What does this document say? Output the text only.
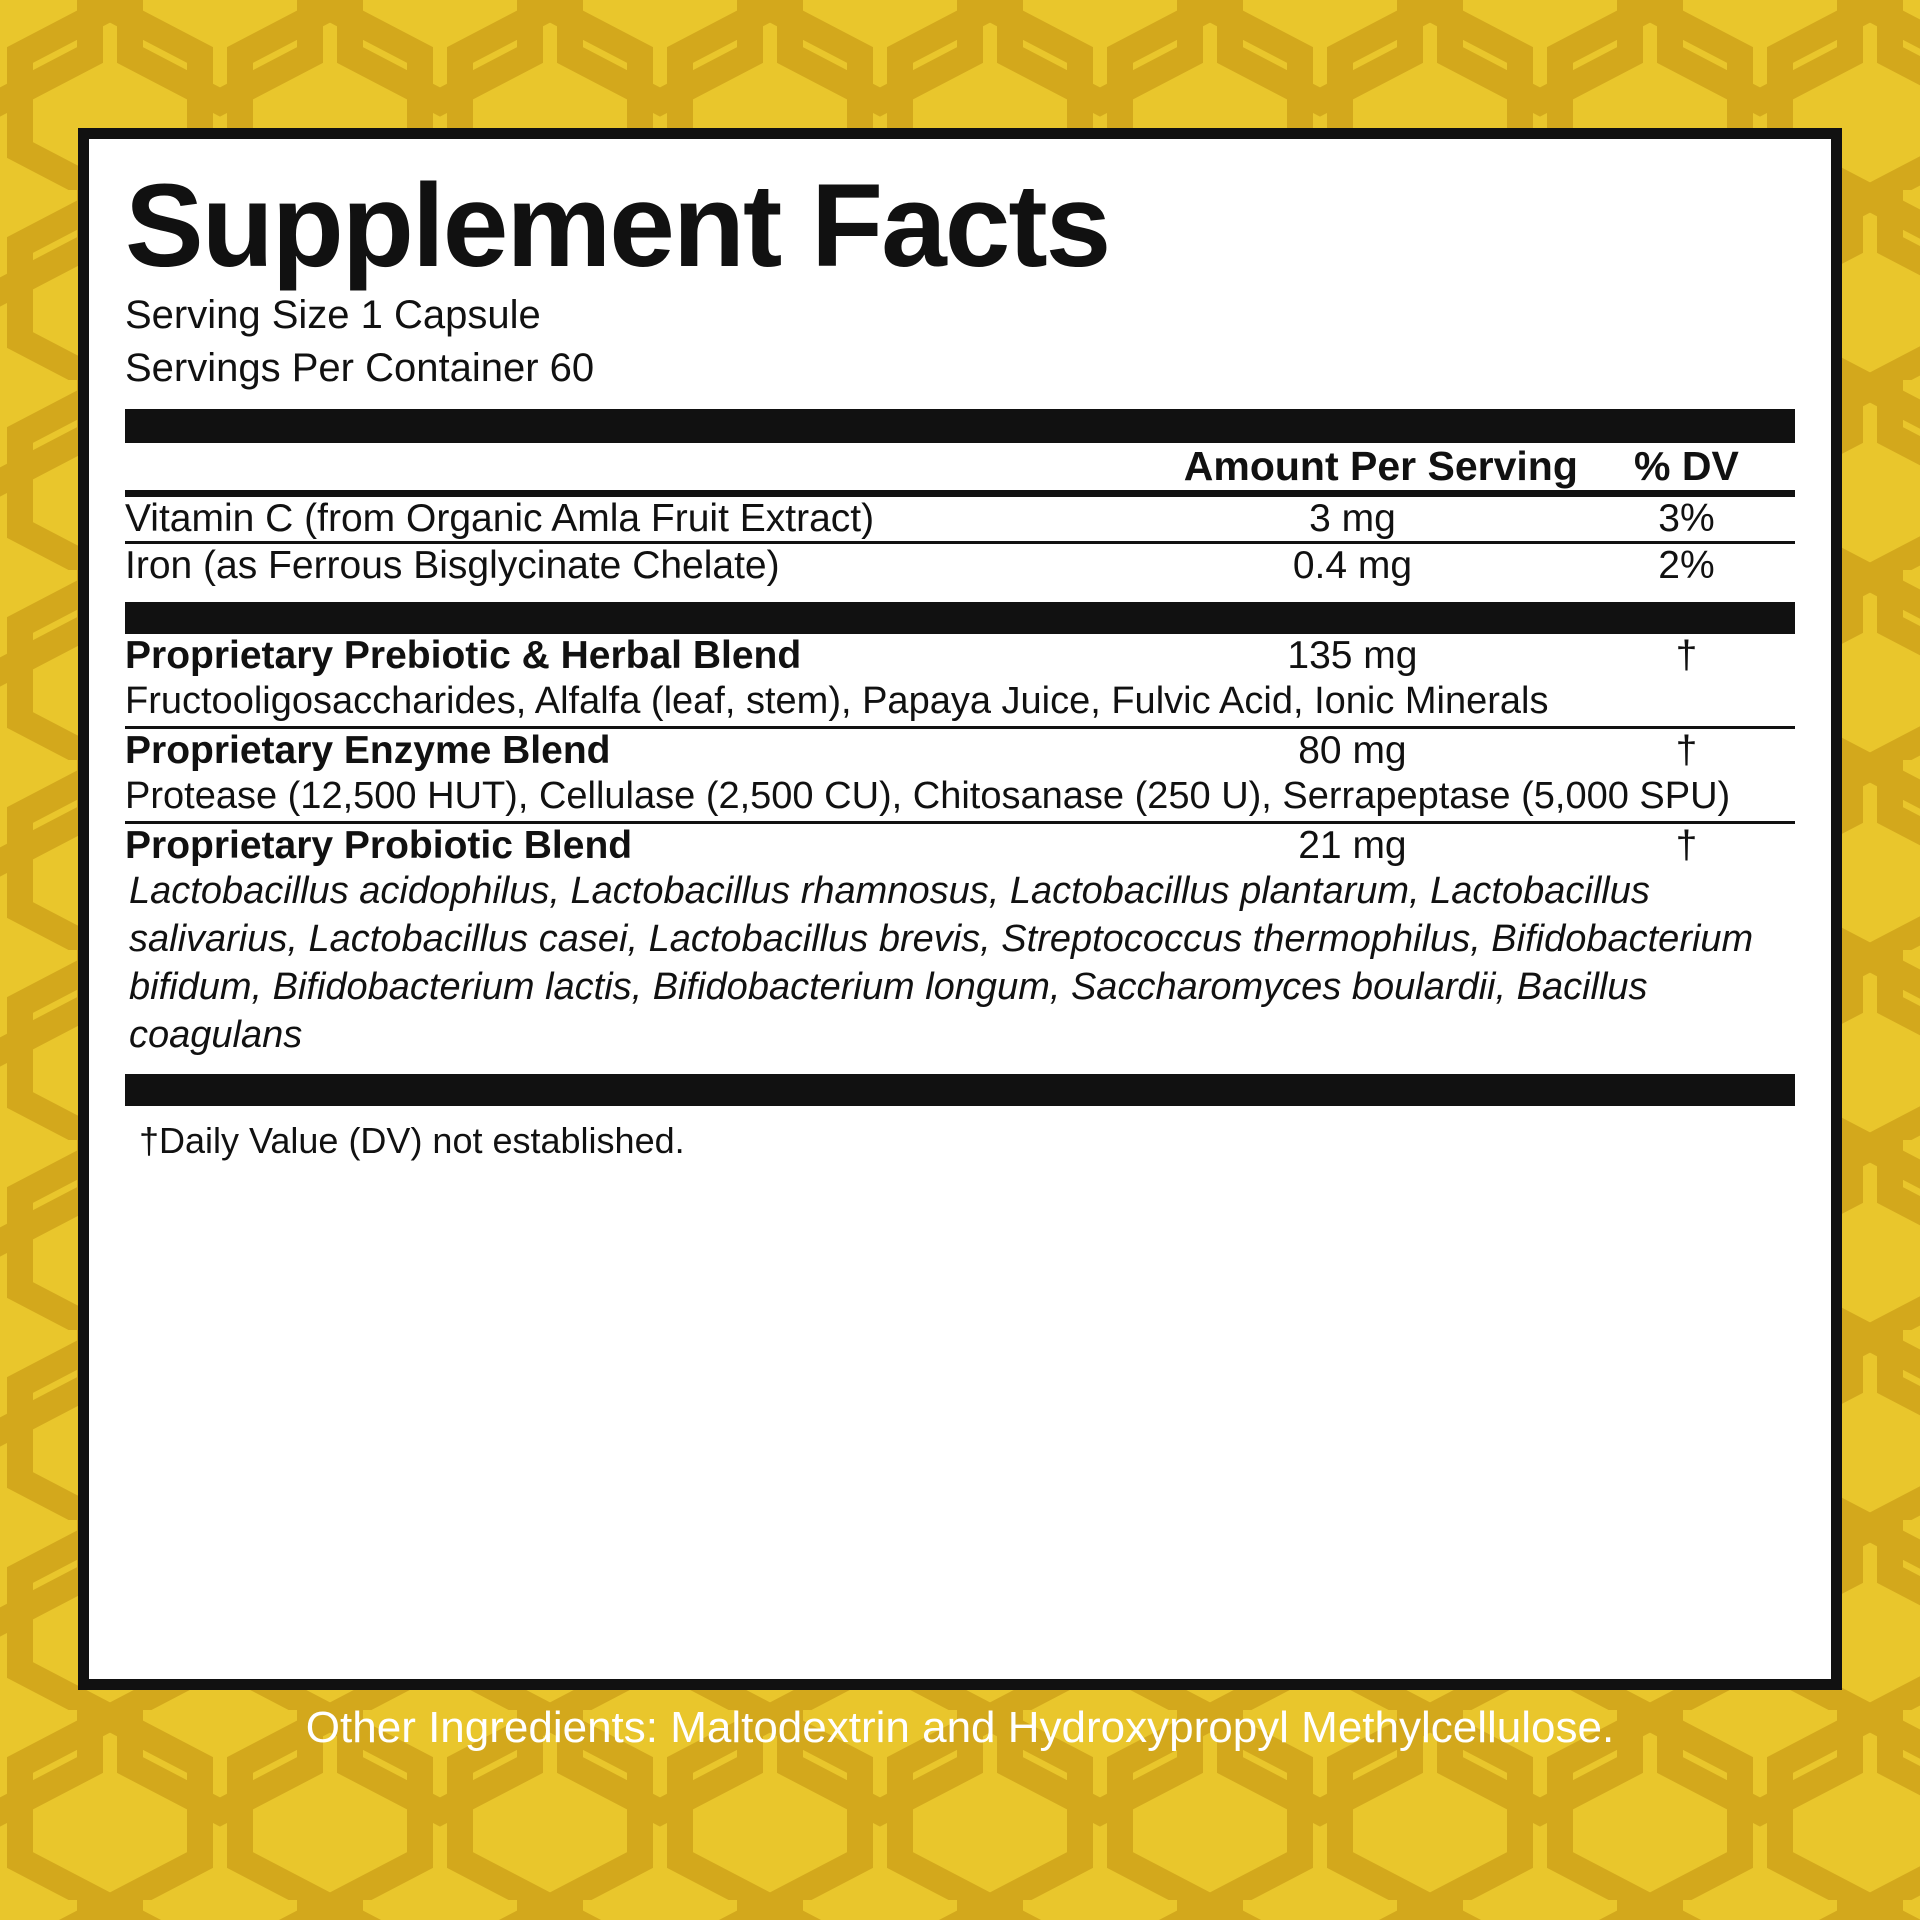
Supplement Facts
Serving Size 1 Capsule
Servings Per Container 60
	Amount Per Serving	% DV
Vitamin C (from Organic Amla Fruit Extract)	3 mg	3%
Iron (as Ferrous Bisglycinate Chelate)	0.4 mg	2%
Proprietary Prebiotic & Herbal Blend	135 mg	†
Fructooligosaccharides, Alfalfa (leaf, stem), Papaya Juice, Fulvic Acid, Ionic Minerals		

Proprietary Enzyme Blend	80 mg	†
Protease (12,500 HUT), Cellulase (2,500 CU), Chitosanase (250 U), Serrapeptase (5,000 SPU)		

Proprietary Probiotic Blend	21 mg	†
Lactobacillus acidophilus, Lactobacillus rhamnosus, Lactobacillus plantarum, Lactobacillus salivarius, Lactobacillus casei, Lactobacillus brevis, Streptococcus thermophilus, Bifidobacterium bifidum, Bifidobacterium lactis, Bifidobacterium longum, Saccharomyces boulardii, Bacillus coagulans		
†Daily Value (DV) not established.
Other Ingredients: Maltodextrin and Hydroxypropyl Methylcellulose.
